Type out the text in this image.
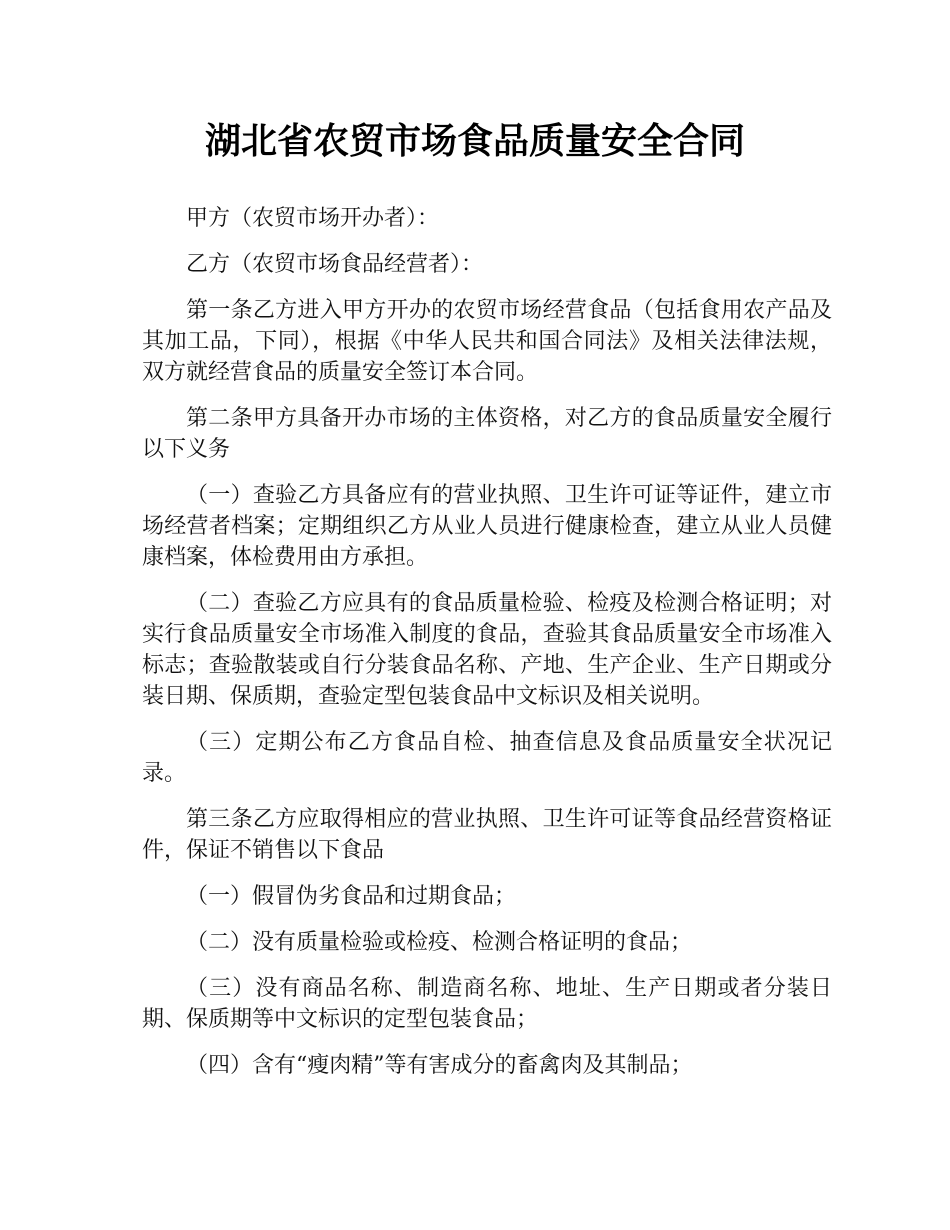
湖北省农贸市场食品质量安全合同

甲方（农贸市场开办者）：

乙方（农贸市场食品经营者）：

第一条乙方进入甲方开办的农贸市场经营食品（包括食用农产品及其加工品，下同），根据《中华人民共和国合同法》及相关法律法规，双方就经营食品的质量安全签订本合同。

第二条甲方具备开办市场的主体资格，对乙方的食品质量安全履行以下义务

（一）查验乙方具备应有的营业执照、卫生许可证等证件，建立市场经营者档案；定期组织乙方从业人员进行健康检查，建立从业人员健康档案，体检费用由方承担。

（二）查验乙方应具有的食品质量检验、检疫及检测合格证明；对实行食品质量安全市场准入制度的食品，查验其食品质量安全市场准入标志；查验散装或自行分装食品名称、产地、生产企业、生产日期或分装日期、保质期，查验定型包装食品中文标识及相关说明。

（三）定期公布乙方食品自检、抽查信息及食品质量安全状况记录。

第三条乙方应取得相应的营业执照、卫生许可证等食品经营资格证件，保证不销售以下食品

（一）假冒伪劣食品和过期食品；

（二）没有质量检验或检疫、检测合格证明的食品；

（三）没有商品名称、制造商名称、地址、生产日期或者分装日期、保质期等中文标识的定型包装食品；

（四）含有“瘦肉精”等有害成分的畜禽肉及其制品；
